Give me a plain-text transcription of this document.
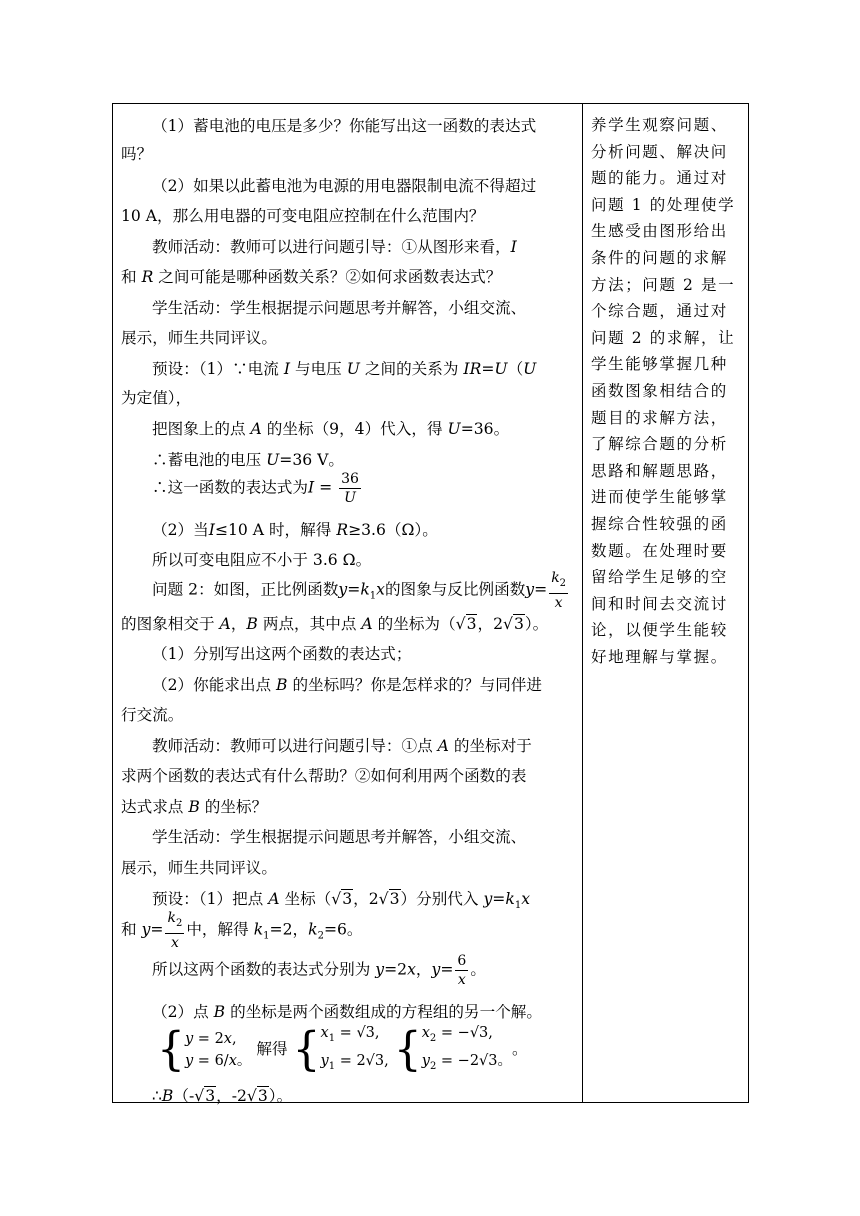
（1）蓄电池的电压是多少？你能写出这一函数的表达式
吗？
（2）如果以此蓄电池为电源的用电器限制电流不得超过
10 A，那么用电器的可变电阻应控制在什么范围内？
教师活动：教师可以进行问题引导：①从图形来看，I
和 R 之间可能是哪种函数关系？②如何求函数表达式？
学生活动：学生根据提示问题思考并解答，小组交流、
展示，师生共同评议。
预设：（1）∵电流 I 与电压 U 之间的关系为 IR=U（U
为定值），
把图象上的点 A 的坐标（9，4）代入，得 U=36。
∴蓄电池的电压 U=36 V。
∴这一函数的表达式为$I = \frac{36}{U}$
（2）当I≤10 A 时，解得 R≥3.6（Ω）。
所以可变电阻应不小于 3.6 Ω。
问题 2：如图，正比例函数$y=k_1x$的图象与反比例函数$y= \frac{k_2}{x}$
的图象相交于 A，B 两点，其中点 A 的坐标为（√3，2√3）。
（1）分别写出这两个函数的表达式；
（2）你能求出点 B 的坐标吗？你是怎样求的？与同伴进
行交流。
教师活动：教师可以进行问题引导：①点 A 的坐标对于
求两个函数的表达式有什么帮助？②如何利用两个函数的表
达式求点 B 的坐标？
学生活动：学生根据提示问题思考并解答，小组交流、
展示，师生共同评议。
预设：（1）把点 A 坐标（√3，2√3）分别代入 $y=k_1x$
和 $y= \frac{k_2}{x}$ 中，解得 $k_1=2$，$k_2=6$。
所以这两个函数的表达式分别为 y=2x，$y= \frac{6}{x}$ 。
（2）点 B 的坐标是两个函数组成的方程组的另一个解。
{y = 2x,
y = 6/x。 解得 {$x_1 = √3$,
$y_1 = 2√3$, {$x_2 = -√3$,
$y_2 = -2√3$。。
∴B（-√3，-2√3）。
养学生观察问题、分析问题、解决问题的能力。通过对问题 1 的处理使学生感受由图形给出条件的问题的求解方法；问题 2 是一个综合题，通过对问题 2 的求解，让学生能够掌握几种函数图象相结合的题目的求解方法，了解综合题的分析思路和解题思路，进而使学生能够掌握综合性较强的函数题。在处理时要留给学生足够的空间和时间去交流讨论，以便学生能较好地理解与掌握。
